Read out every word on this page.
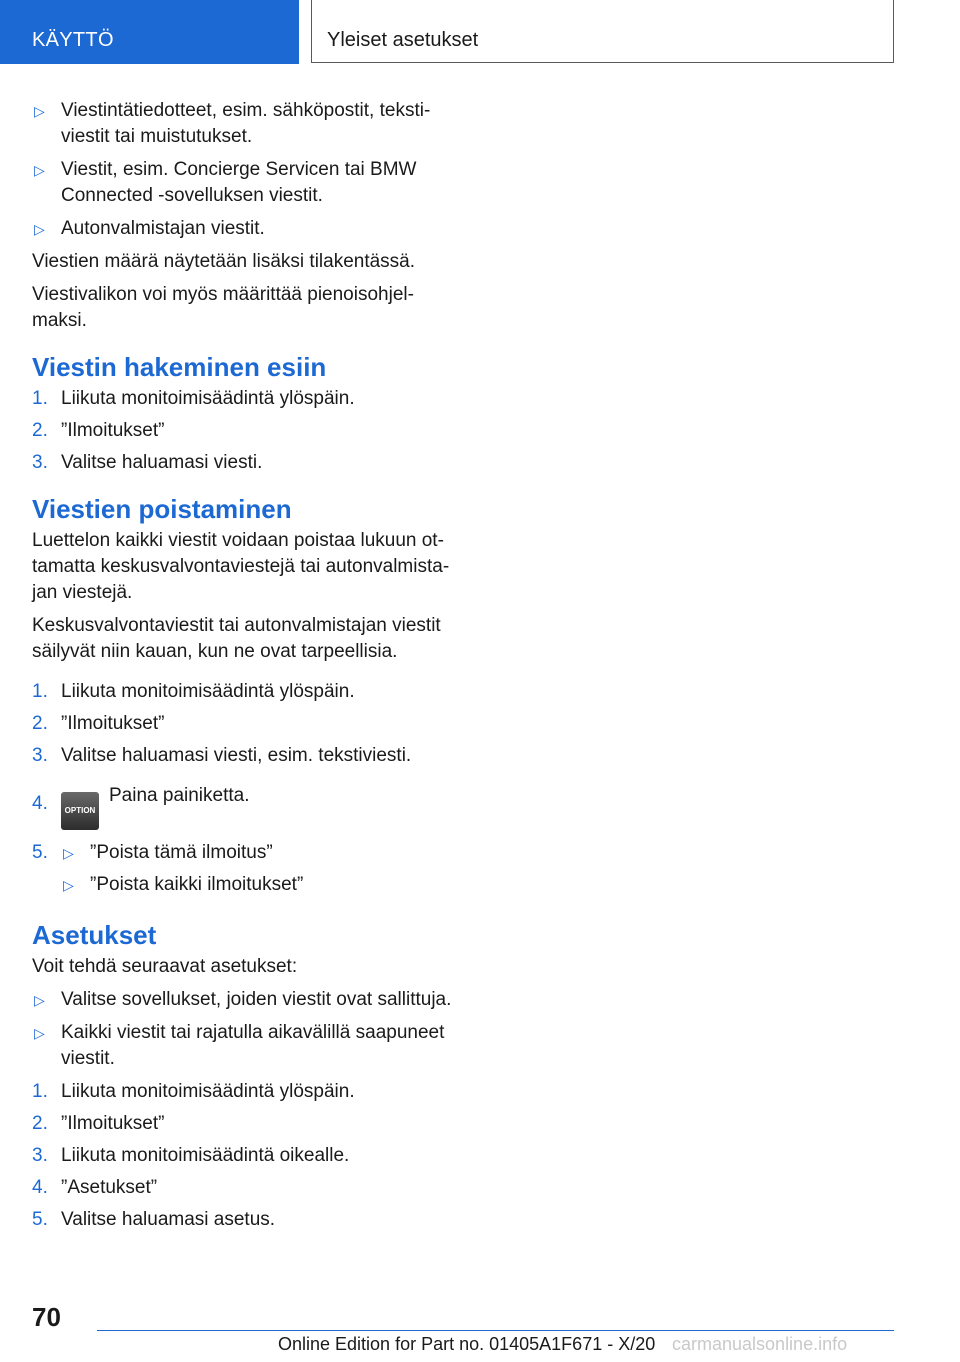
KÄYTTÖ	Yleiset asetukset
▷ Viestintätiedotteet, esim. sähköpostit, tekstiviestit tai muistutukset.
▷ Viestit, esim. Concierge Servicen tai BMW Connected -sovelluksen viestit.
▷ Autonvalmistajan viestit.

Viestien määrä näytetään lisäksi tilakentässä.

Viestivalikon voi myös määrittää pienoisohjelmaksi.

Viestin hakeminen esiin
1. Liikuta monitoimisäädintä ylöspäin.
2. ”Ilmoitukset”
3. Valitse haluamasi viesti.
Viestien poistaminen

Luettelon kaikki viestit voidaan poistaa lukuun ottamatta keskusvalvontaviestejä tai autonvalmistajan viestejä.

Keskusvalvontaviestit tai autonvalmistajan viestit säilyvät niin kauan, kun ne ovat tarpeellisia.

1. Liikuta monitoimisäädintä ylöspäin.
2. ”Ilmoitukset”
3. Valitse haluamasi viesti, esim. tekstiviesti.
4. OPTIONPaina painiketta.
5. ▷ ”Poista tämä ilmoitus”
▷ ”Poista kaikki ilmoitukset”
Asetukset

Voit tehdä seuraavat asetukset:

▷ Valitse sovellukset, joiden viestit ovat sallittuja.
▷ Kaikki viestit tai rajatulla aikavälillä saapuneet viestit.
1. Liikuta monitoimisäädintä ylöspäin.
2. ”Ilmoitukset”
3. Liikuta monitoimisäädintä oikealle.
4. ”Asetukset”
5. Valitse haluamasi asetus.
70
Online Edition for Part no. 01405A1F671 - X/20 carmanualsonline.info
